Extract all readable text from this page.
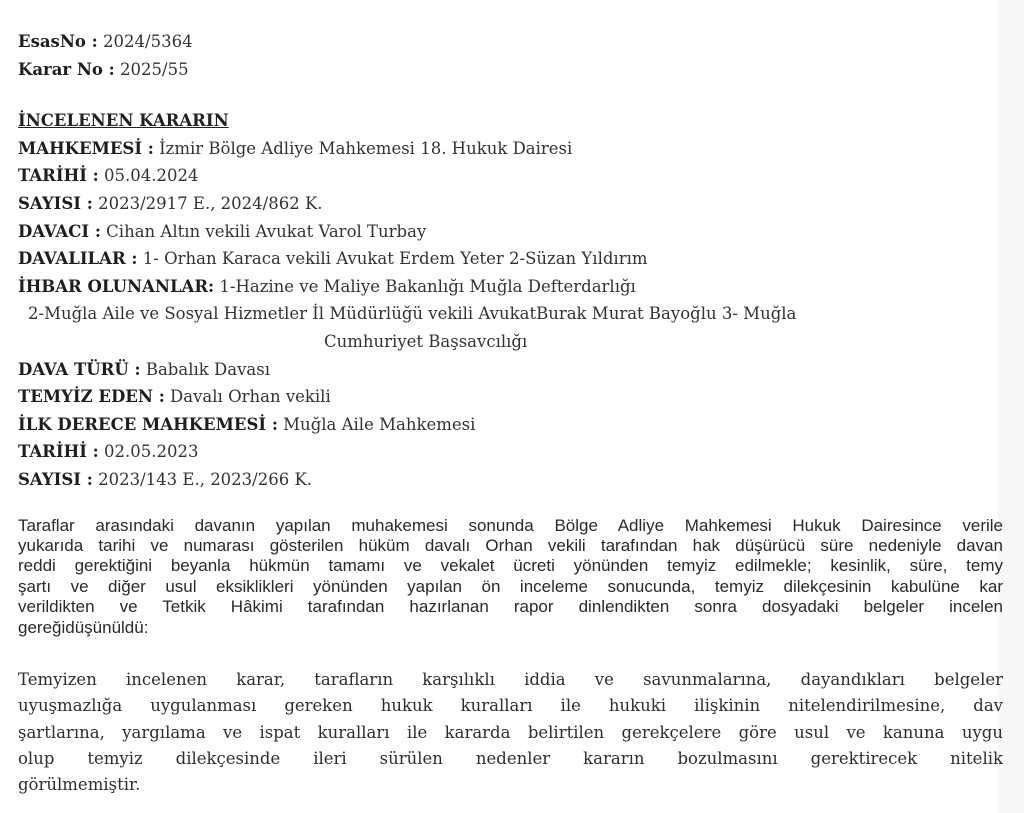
EsasNo : 2024/5364
Karar No : 2025/55
İNCELENEN KARARIN
MAHKEMESİ : İzmir Bölge Adliye Mahkemesi 18. Hukuk Dairesi
TARİHİ : 05.04.2024
SAYISI : 2023/2917 E., 2024/862 K.
DAVACI : Cihan Altın vekili Avukat Varol Turbay
DAVALILAR : 1- Orhan Karaca vekili Avukat Erdem Yeter 2-Süzan Yıldırım
İHBAR OLUNANLAR: 1-Hazine ve Maliye Bakanlığı Muğla Defterdarlığı
2-Muğla Aile ve Sosyal Hizmetler İl Müdürlüğü vekili AvukatBurak Murat Bayoğlu 3- Muğla
Cumhuriyet Başsavcılığı
DAVA TÜRÜ : Babalık Davası
TEMYİZ EDEN : Davalı Orhan vekili
İLK DERECE MAHKEMESİ : Muğla Aile Mahkemesi
TARİHİ : 02.05.2023
SAYISI : 2023/143 E., 2023/266 K.
Taraflar arasındaki davanın yapılan muhakemesi sonunda Bölge Adliye Mahkemesi Hukuk Dairesince verile
yukarıda tarihi ve numarası gösterilen hüküm davalı Orhan vekili tarafından hak düşürücü süre nedeniyle davan
reddi gerektiğini beyanla hükmün tamamı ve vekalet ücreti yönünden temyiz edilmekle; kesinlik, süre, temy
şartı ve diğer usul eksiklikleri yönünden yapılan ön inceleme sonucunda, temyiz dilekçesinin kabulüne kar
verildikten ve Tetkik Hâkimi tarafından hazırlanan rapor dinlendikten sonra dosyadaki belgeler incelen
gereğidüşünüldü:
Temyizen incelenen karar, tarafların karşılıklı iddia ve savunmalarına, dayandıkları belgeler
uyuşmazlığa uygulanması gereken hukuk kuralları ile hukuki ilişkinin nitelendirilmesine, dav
şartlarına, yargılama ve ispat kuralları ile kararda belirtilen gerekçelere göre usul ve kanuna uygu
olup temyiz dilekçesinde ileri sürülen nedenler kararın bozulmasını gerektirecek nitelik
görülmemiştir.
